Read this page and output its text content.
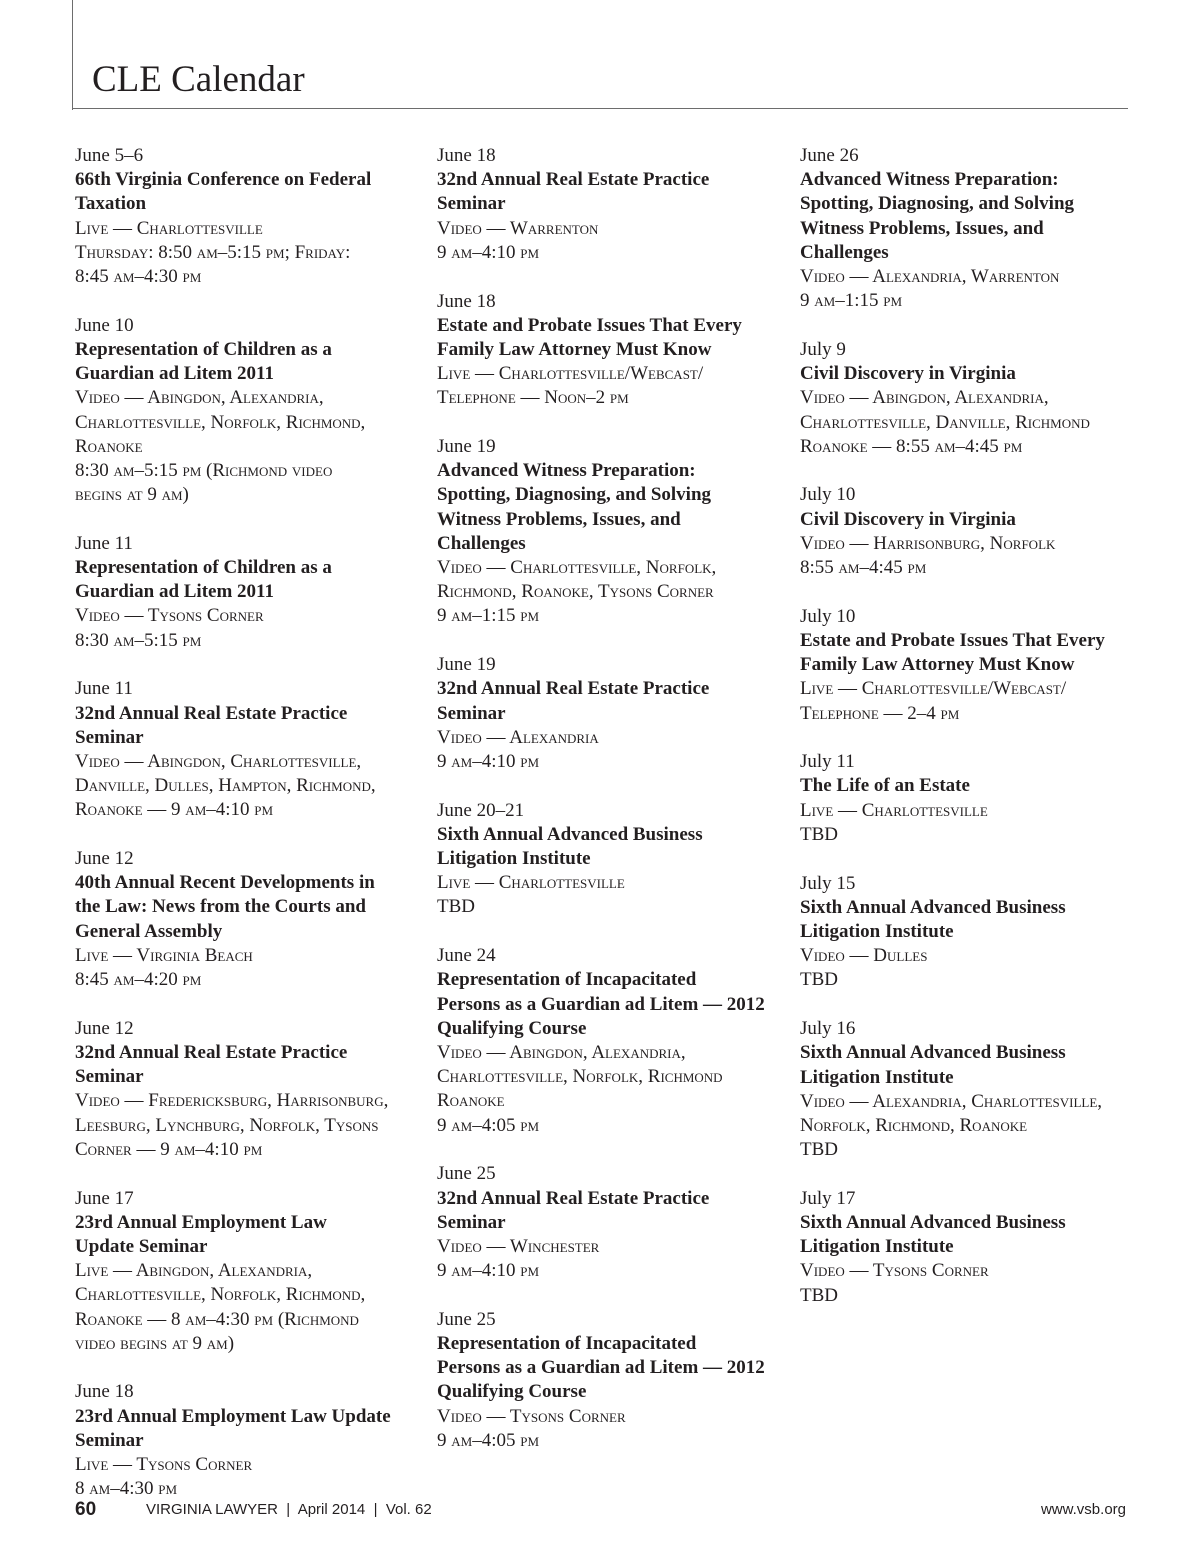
CLE Calendar
June 5–6
66th Virginia Conference on Federal
Taxation
Live — Charlottesville
Thursday: 8:50 am–5:15 pm; Friday:
8:45 am–4:30 pm
June 10
Representation of Children as a
Guardian ad Litem 2011
Video — Abingdon, Alexandria,
Charlottesville, Norfolk, Richmond,
Roanoke
8:30 am–5:15 pm (Richmond video
begins at 9 am)
June 11
Representation of Children as a
Guardian ad Litem 2011
Video — Tysons Corner
8:30 am–5:15 pm
June 11
32nd Annual Real Estate Practice
Seminar
Video — Abingdon, Charlottesville,
Danville, Dulles, Hampton, Richmond,
Roanoke — 9 am–4:10 pm
June 12
40th Annual Recent Developments in
the Law: News from the Courts and
General Assembly
Live — Virginia Beach
8:45 am–4:20 pm
June 12
32nd Annual Real Estate Practice
Seminar
Video — Fredericksburg, Harrisonburg,
Leesburg, Lynchburg, Norfolk, Tysons
Corner — 9 am–4:10 pm
June 17
23rd Annual Employment Law
Update Seminar
Live — Abingdon, Alexandria,
Charlottesville, Norfolk, Richmond,
Roanoke — 8 am–4:30 pm (Richmond
video begins at 9 am)
June 18
23rd Annual Employment Law Update
Seminar
Live — Tysons Corner
8 am–4:30 pm
June 18
32nd Annual Real Estate Practice
Seminar
Video — Warrenton
9 am–4:10 pm
June 18
Estate and Probate Issues That Every
Family Law Attorney Must Know
Live — Charlottesville/Webcast/
Telephone — Noon–2 pm
June 19
Advanced Witness Preparation:
Spotting, Diagnosing, and Solving
Witness Problems, Issues, and
Challenges
Video — Charlottesville, Norfolk,
Richmond, Roanoke, Tysons Corner
9 am–1:15 pm
June 19
32nd Annual Real Estate Practice
Seminar
Video — Alexandria
9 am–4:10 pm
June 20–21
Sixth Annual Advanced Business
Litigation Institute
Live — Charlottesville
TBD
June 24
Representation of Incapacitated
Persons as a Guardian ad Litem — 2012
Qualifying Course
Video — Abingdon, Alexandria,
Charlottesville, Norfolk, Richmond
Roanoke
9 am–4:05 pm
June 25
32nd Annual Real Estate Practice
Seminar
Video — Winchester
9 am–4:10 pm
June 25
Representation of Incapacitated
Persons as a Guardian ad Litem — 2012
Qualifying Course
Video — Tysons Corner
9 am–4:05 pm
June 26
Advanced Witness Preparation:
Spotting, Diagnosing, and Solving
Witness Problems, Issues, and
Challenges
Video — Alexandria, Warrenton
9 am–1:15 pm
July 9
Civil Discovery in Virginia
Video — Abingdon, Alexandria,
Charlottesville, Danville, Richmond
Roanoke — 8:55 am–4:45 pm
July 10
Civil Discovery in Virginia
Video — Harrisonburg, Norfolk
8:55 am–4:45 pm
July 10
Estate and Probate Issues That Every
Family Law Attorney Must Know
Live — Charlottesville/Webcast/
Telephone — 2–4 pm
July 11
The Life of an Estate
Live — Charlottesville
TBD
July 15
Sixth Annual Advanced Business
Litigation Institute
Video — Dulles
TBD
July 16
Sixth Annual Advanced Business
Litigation Institute
Video — Alexandria, Charlottesville,
Norfolk, Richmond, Roanoke
TBD
July 17
Sixth Annual Advanced Business
Litigation Institute
Video — Tysons Corner
TBD
60	VIRGINIA LAWYER  |  April 2014  |  Vol. 62	www.vsb.org
